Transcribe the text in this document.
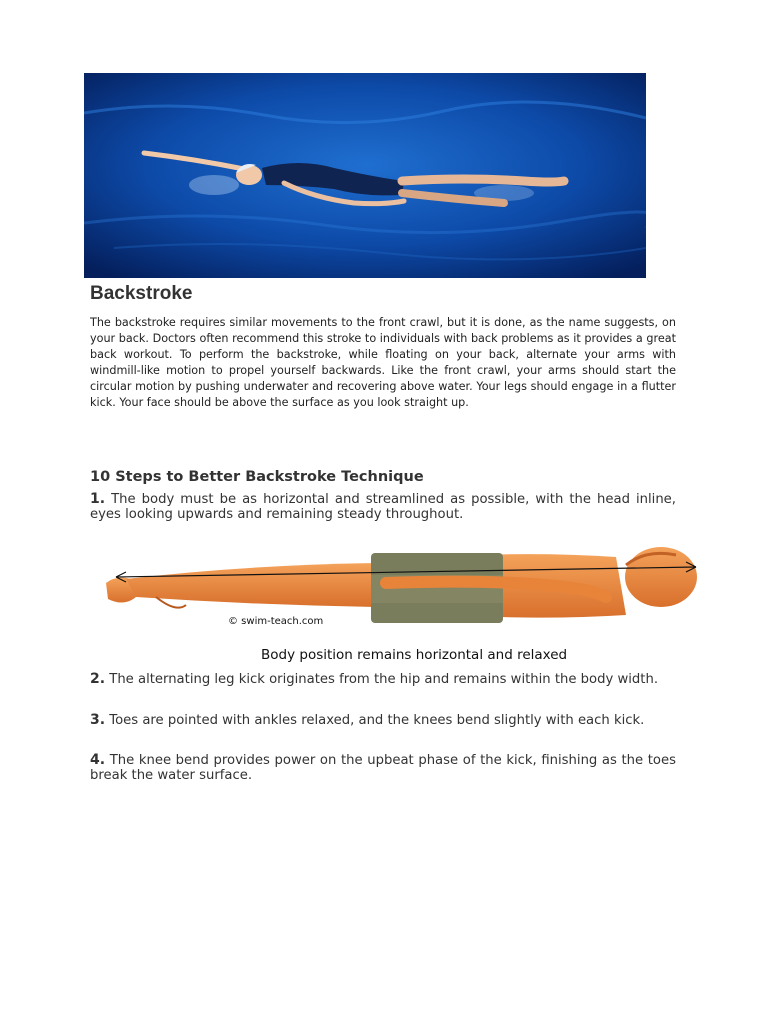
Backstroke

The backstroke requires similar movements to the front crawl, but it is done, as the name suggests, on your back. Doctors often recommend this stroke to individuals with back problems as it provides a great back workout. To perform the backstroke, while floating on your back, alternate your arms with windmill-like motion to propel yourself backwards. Like the front crawl, your arms should start the circular motion by pushing underwater and recovering above water. Your legs should engage in a flutter kick. Your face should be above the surface as you look straight up.

10 Steps to Better Backstroke Technique

1. The body must be as horizontal and streamlined as possible, with the head inline, eyes looking upwards and remaining steady throughout.

© swim-teach.com
Body position remains horizontal and relaxed

2. The alternating leg kick originates from the hip and remains within the body width.

3. Toes are pointed with ankles relaxed, and the knees bend slightly with each kick.

4. The knee bend provides power on the upbeat phase of the kick, finishing as the toes break the water surface.
